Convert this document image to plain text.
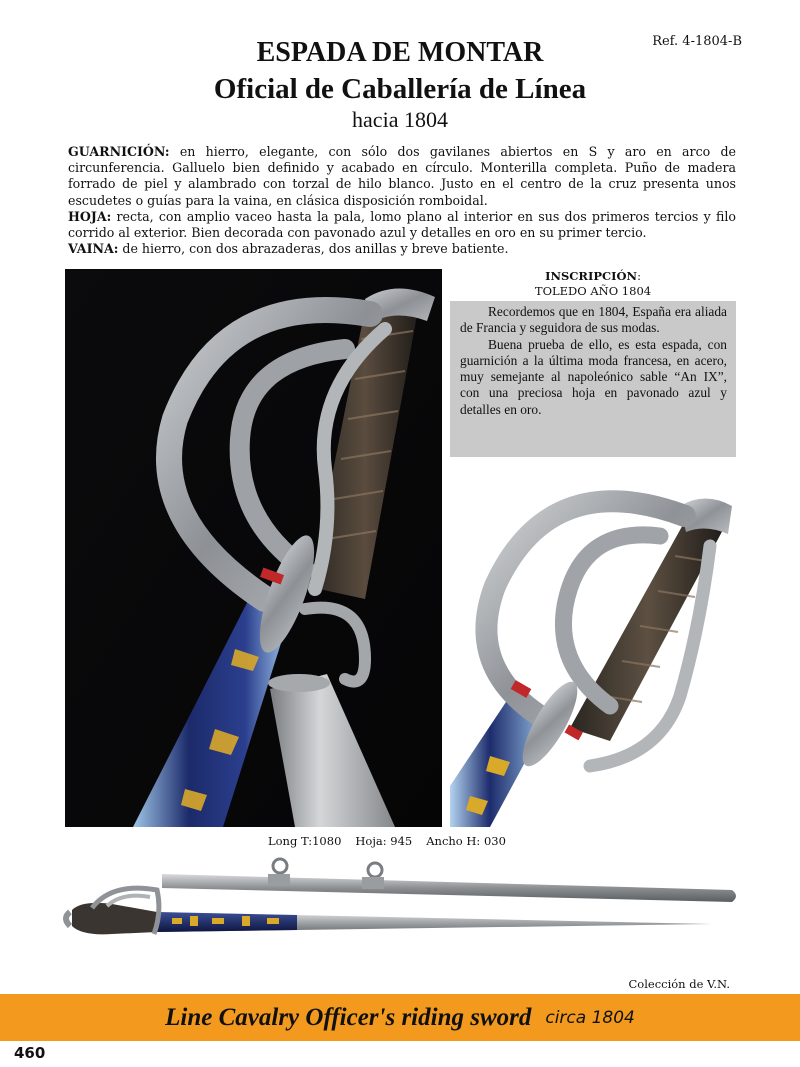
Ref. 4-1804-B
ESPADA DE MONTAR
Oficial de Caballería de Línea
hacia 1804

GUARNICIÓN: en hierro, elegante, con sólo dos gavilanes abiertos en S y aro en arco de circunferencia. Galluelo bien definido y acabado en círculo. Monterilla completa. Puño de madera forrado de piel y alambrado con torzal de hilo blanco. Justo en el centro de la cruz presenta unos escudetes o guías para la vaina, en clásica disposición romboidal.

HOJA: recta, con amplio vaceo hasta la pala, lomo plano al interior en sus dos primeros tercios y filo corrido al exterior. Bien decorada con pavonado azul y detalles en oro en su primer tercio.

VAINA: de hierro, con dos abrazaderas, dos anillas y breve batiente.

INSCRIPCIÓN:
TOLEDO AÑO 1804

Recordemos que en 1804, España era aliada de Francia y seguidora de sus modas.

Buena prueba de ello, es esta espada, con guarnición a la última moda francesa, en acero, muy semejante al napoleónico sable “An IX”, con una preciosa hoja en pavonado azul y detalles en oro.

Long T:1080 Hoja: 945 Ancho H: 030
Colección de V.N.
Line Cavalry Officer's riding sword circa 1804
460
